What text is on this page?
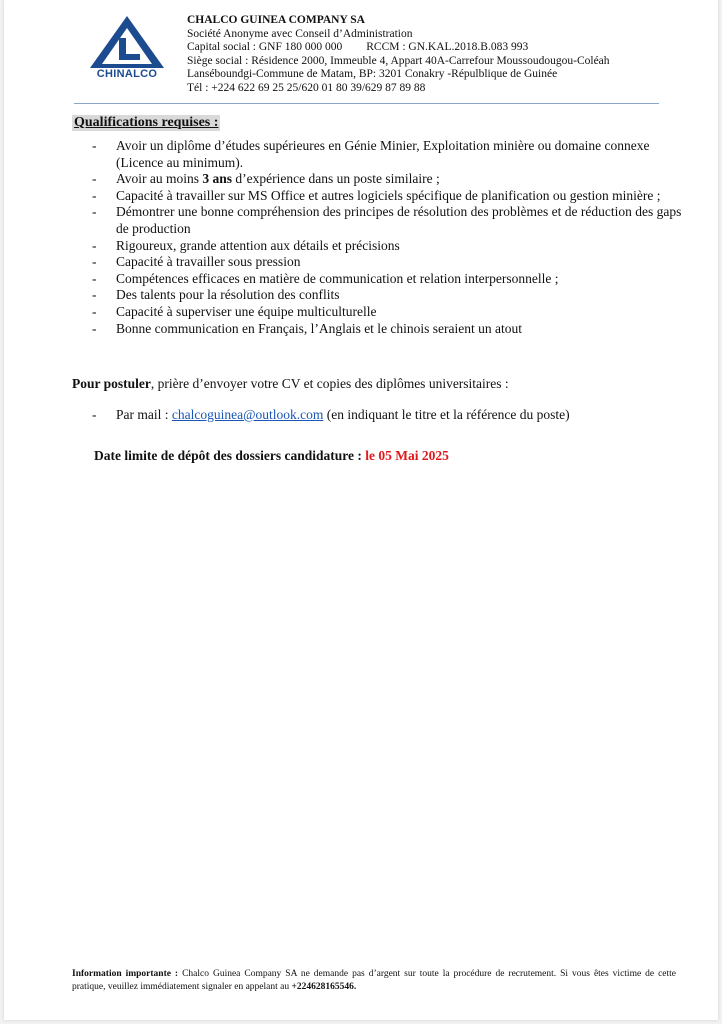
CHINALCO
CHALCO GUINEA COMPANY SA
Société Anonyme avec Conseil d’Administration
Capital social : GNF 180 000 000 RCCM : GN.KAL.2018.B.083 993
Siège social : Résidence 2000, Immeuble 4, Appart 40A-Carrefour Moussoudougou-Coléah
Lanséboundgi-Commune de Matam, BP: 3201 Conakry -Répulblique de Guinée
Tél : +224 622 69 25 25/620 01 80 39/629 87 89 88
Qualifications requises :
- Avoir un diplôme d’études supérieures en Génie Minier, Exploitation minière ou domaine connexe (Licence au minimum).
- Avoir au moins 3 ans d’expérience dans un poste similaire ;
- Capacité à travailler sur MS Office et autres logiciels spécifique de planification ou gestion minière ;
- Démontrer une bonne compréhension des principes de résolution des problèmes et de réduction des gaps de production
- Rigoureux, grande attention aux détails et précisions
- Capacité à travailler sous pression
- Compétences efficaces en matière de communication et relation interpersonnelle ;
- Des talents pour la résolution des conflits
- Capacité à superviser une équipe multiculturelle
- Bonne communication en Français, l’Anglais et le chinois seraient un atout
Pour postuler, prière d’envoyer votre CV et copies des diplômes universitaires :
- Par mail : chalcoguinea@outlook.com (en indiquant le titre et la référence du poste)
Date limite de dépôt des dossiers candidature : le 05 Mai 2025
Information importante : Chalco Guinea Company SA ne demande pas d’argent sur toute la procédure de recrutement. Si vous êtes victime de cette pratique, veuillez immédiatement signaler en appelant au +224628165546.
